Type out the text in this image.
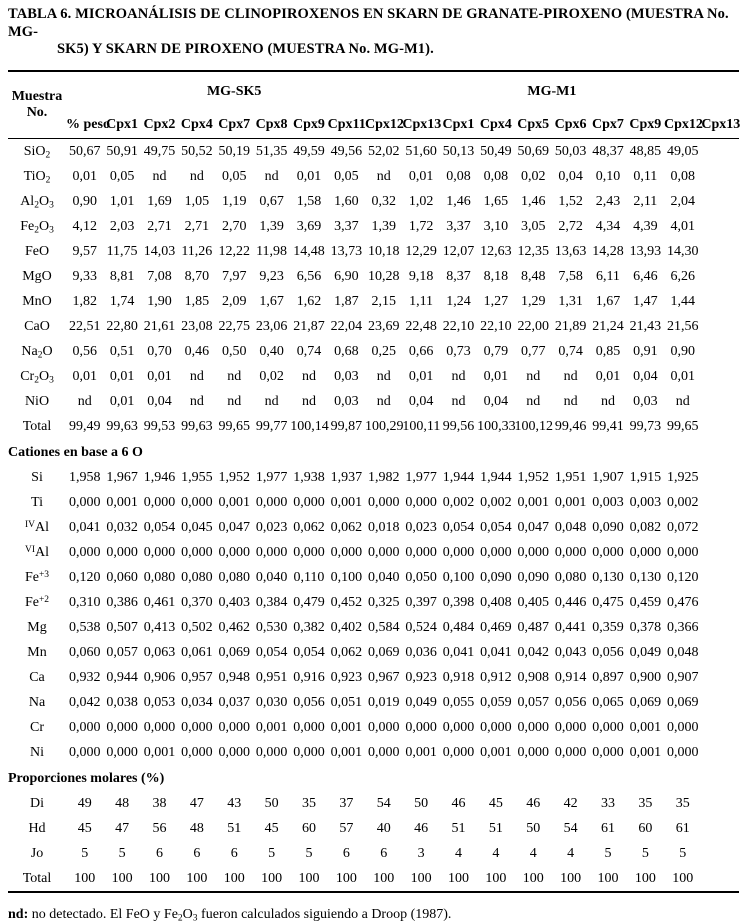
TABLA 6. MICROANÁLISIS DE CLINOPIROXENOS EN SKARN DE GRANATE-PIROXENO (MUESTRA No. MG-
SK5) Y SKARN DE PIROXENO (MUESTRA No. MG-M1).
Muestra No.	MG-SK5									MG-M1								
	% peso	Cpx1	Cpx2	Cpx4	Cpx7	Cpx8	Cpx9	Cpx11	Cpx12	Cpx13	Cpx1	Cpx4	Cpx5	Cpx6	Cpx7	Cpx9	Cpx12	Cpx13
SiO$_2$	50,67	50,91	49,75	50,52	50,19	51,35	49,59	49,56	52,02	51,60	50,13	50,49	50,69	50,03	48,37	48,85	49,05	
TiO$_2$	0,01	0,05	nd	nd	0,05	nd	0,01	0,05	nd	0,01	0,08	0,08	0,02	0,04	0,10	0,11	0,08	
$Al_2O_3$	0,90	1,01	1,69	1,05	1,19	0,67	1,58	1,60	0,32	1,02	1,46	1,65	1,46	1,52	2,43	2,11	2,04	
$Fe_2O_3$	4,12	2,03	2,71	2,71	2,70	1,39	3,69	3,37	1,39	1,72	3,37	3,10	3,05	2,72	4,34	4,39	4,01	
FeO	9,57	11,75	14,03	11,26	12,22	11,98	14,48	13,73	10,18	12,29	12,07	12,63	12,35	13,63	14,28	13,93	14,30	
MgO	9,33	8,81	7,08	8,70	7,97	9,23	6,56	6,90	10,28	9,18	8,37	8,18	8,48	7,58	6,11	6,46	6,26	
MnO	1,82	1,74	1,90	1,85	2,09	1,67	1,62	1,87	2,15	1,11	1,24	1,27	1,29	1,31	1,67	1,47	1,44	
CaO	22,51	22,80	21,61	23,08	22,75	23,06	21,87	22,04	23,69	22,48	22,10	22,10	22,00	21,89	21,24	21,43	21,56	
$Na_2O$	0,56	0,51	0,70	0,46	0,50	0,40	0,74	0,68	0,25	0,66	0,73	0,79	0,77	0,74	0,85	0,91	0,90	
$Cr_2O_3$	0,01	0,01	0,01	nd	nd	0,02	nd	0,03	nd	0,01	nd	0,01	nd	nd	0,01	0,04	0,01	
NiO	nd	0,01	0,04	nd	nd	nd	nd	0,03	nd	0,04	nd	0,04	nd	nd	nd	0,03	nd	
Total	99,49	99,63	99,53	99,63	99,65	99,77	100,14	99,87	100,29	100,11	99,56	100,33	100,12	99,46	99,41	99,73	99,65	
Cationes en base a 6 O																		
Si	1,958	1,967	1,946	1,955	1,952	1,977	1,938	1,937	1,982	1,977	1,944	1,944	1,952	1,951	1,907	1,915	1,925	
Ti	0,000	0,001	0,000	0,000	0,001	0,000	0,000	0,001	0,000	0,000	0,002	0,002	0,001	0,001	0,003	0,003	0,002	
$^{IV}$Al	0,041	0,032	0,054	0,045	0,047	0,023	0,062	0,062	0,018	0,023	0,054	0,054	0,047	0,048	0,090	0,082	0,072	
$^{VI}$Al	0,000	0,000	0,000	0,000	0,000	0,000	0,000	0,000	0,000	0,000	0,000	0,000	0,000	0,000	0,000	0,000	0,000	
$Fe^{+3}$	0,120	0,060	0,080	0,080	0,080	0,040	0,110	0,100	0,040	0,050	0,100	0,090	0,090	0,080	0,130	0,130	0,120	
$Fe^{+2}$	0,310	0,386	0,461	0,370	0,403	0,384	0,479	0,452	0,325	0,397	0,398	0,408	0,405	0,446	0,475	0,459	0,476	
Mg	0,538	0,507	0,413	0,502	0,462	0,530	0,382	0,402	0,584	0,524	0,484	0,469	0,487	0,441	0,359	0,378	0,366	
Mn	0,060	0,057	0,063	0,061	0,069	0,054	0,054	0,062	0,069	0,036	0,041	0,041	0,042	0,043	0,056	0,049	0,048	
Ca	0,932	0,944	0,906	0,957	0,948	0,951	0,916	0,923	0,967	0,923	0,918	0,912	0,908	0,914	0,897	0,900	0,907	
Na	0,042	0,038	0,053	0,034	0,037	0,030	0,056	0,051	0,019	0,049	0,055	0,059	0,057	0,056	0,065	0,069	0,069	
Cr	0,000	0,000	0,000	0,000	0,000	0,001	0,000	0,001	0,000	0,000	0,000	0,000	0,000	0,000	0,000	0,001	0,000	
Ni	0,000	0,000	0,001	0,000	0,000	0,000	0,000	0,001	0,000	0,001	0,000	0,001	0,000	0,000	0,000	0,001	0,000	
Proporciones molares (%)																		
Di	49	48	38	47	43	50	35	37	54	50	46	45	46	42	33	35	35	
Hd	45	47	56	48	51	45	60	57	40	46	51	51	50	54	61	60	61	
Jo	5	5	6	6	6	5	5	6	6	3	4	4	4	4	5	5	5	
Total	100	100	100	100	100	100	100	100	100	100	100	100	100	100	100	100	100	
nd: no detectado. El FeO y $Fe_2O_3$ fueron calculados siguiendo a Droop (1987).
